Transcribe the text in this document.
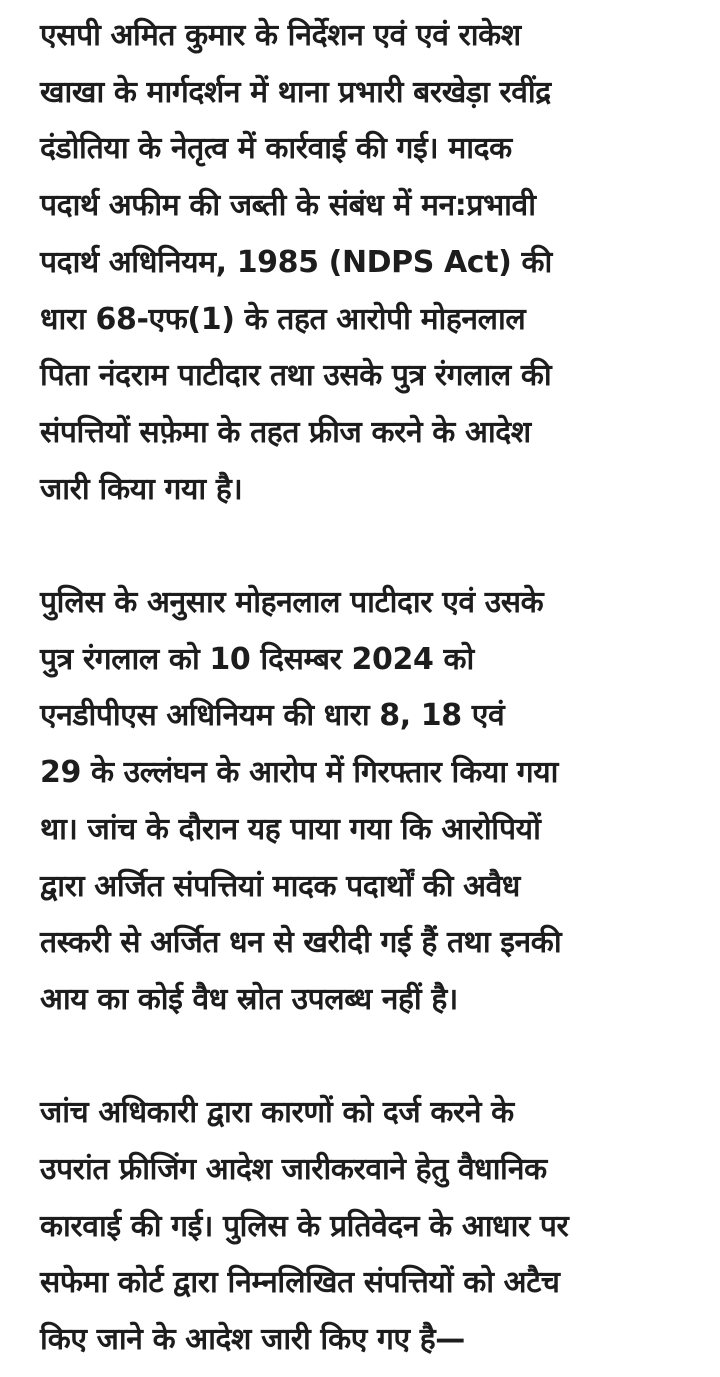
एसपी अमित कुमार के निर्देशन एवं एवं राकेश
खाखा के मार्गदर्शन में थाना प्रभारी बरखेड़ा रवींद्र
दंडोतिया के नेतृत्व में कार्रवाई की गई। मादक
पदार्थ अफीम की जब्ती के संबंध में मन:प्रभावी
पदार्थ अधिनियम, 1985 (NDPS Act) की
धारा 68-एफ(1) के तहत आरोपी मोहनलाल
पिता नंदराम पाटीदार तथा उसके पुत्र रंगलाल की
संपत्तियों सफ़ेमा के तहत फ्रीज करने के आदेश
जारी किया गया है।

पुलिस के अनुसार मोहनलाल पाटीदार एवं उसके
पुत्र रंगलाल को 10 दिसम्बर 2024 को
एनडीपीएस अधिनियम की धारा 8, 18 एवं
29 के उल्लंघन के आरोप में गिरफ्तार किया गया
था। जांच के दौरान यह पाया गया कि आरोपियों
द्वारा अर्जित संपत्तियां मादक पदार्थों की अवैध
तस्करी से अर्जित धन से खरीदी गई हैं तथा इनकी
आय का कोई वैध स्रोत उपलब्ध नहीं है।

जांच अधिकारी द्वारा कारणों को दर्ज करने के
उपरांत फ्रीजिंग आदेश जारीकरवाने हेतु वैधानिक
कारवाई की गई। पुलिस के प्रतिवेदन के आधार पर
सफेमा कोर्ट द्वारा निम्नलिखित संपत्तियों को अटैच
किए जाने के आदेश जारी किए गए है—
